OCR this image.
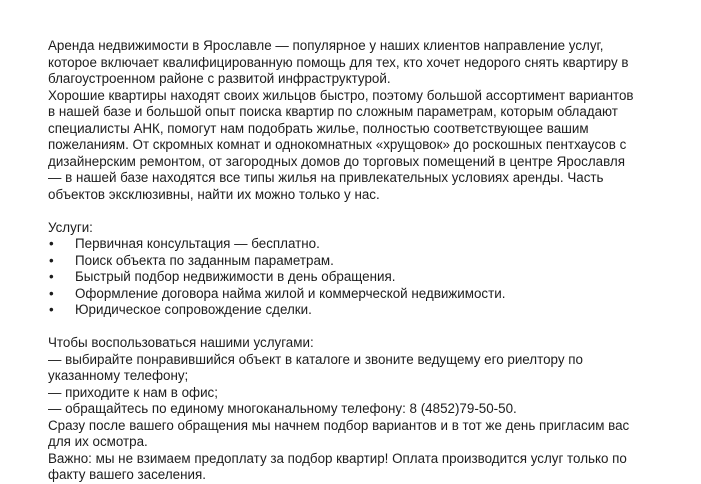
Аренда недвижимости в Ярославле — популярное у наших клиентов направление услуг,
которое включает квалифицированную помощь для тех, кто хочет недорого снять квартиру в
благоустроенном районе с развитой инфраструктурой.

Хорошие квартиры находят своих жильцов быстро, поэтому большой ассортимент вариантов
в нашей базе и большой опыт поиска квартир по сложным параметрам, которым обладают
специалисты АНК, помогут нам подобрать жилье, полностью соответствующее вашим
пожеланиям. От скромных комнат и однокомнатных «хрущовок» до роскошных пентхаусов с
дизайнерским ремонтом, от загородных домов до торговых помещений в центре Ярославля
— в нашей базе находятся все типы жилья на привлекательных условиях аренды. Часть
объектов эксклюзивны, найти их можно только у нас.

Услуги:

• Первичная консультация — бесплатно.
• Поиск объекта по заданным параметрам.
• Быстрый подбор недвижимости в день обращения.
• Оформление договора найма жилой и коммерческой недвижимости.
• Юридическое сопровождение сделки.

Чтобы воспользоваться нашими услугами:

— выбирайте понравившийся объект в каталоге и звоните ведущему его риелтору по
указанному телефону;

— приходите к нам в офис;

— обращайтесь по единому многоканальному телефону: 8 (4852)79-50-50.

Сразу после вашего обращения мы начнем подбор вариантов и в тот же день пригласим вас
для их осмотра.

Важно: мы не взимаем предоплату за подбор квартир! Оплата производится услуг только по
факту вашего заселения.
